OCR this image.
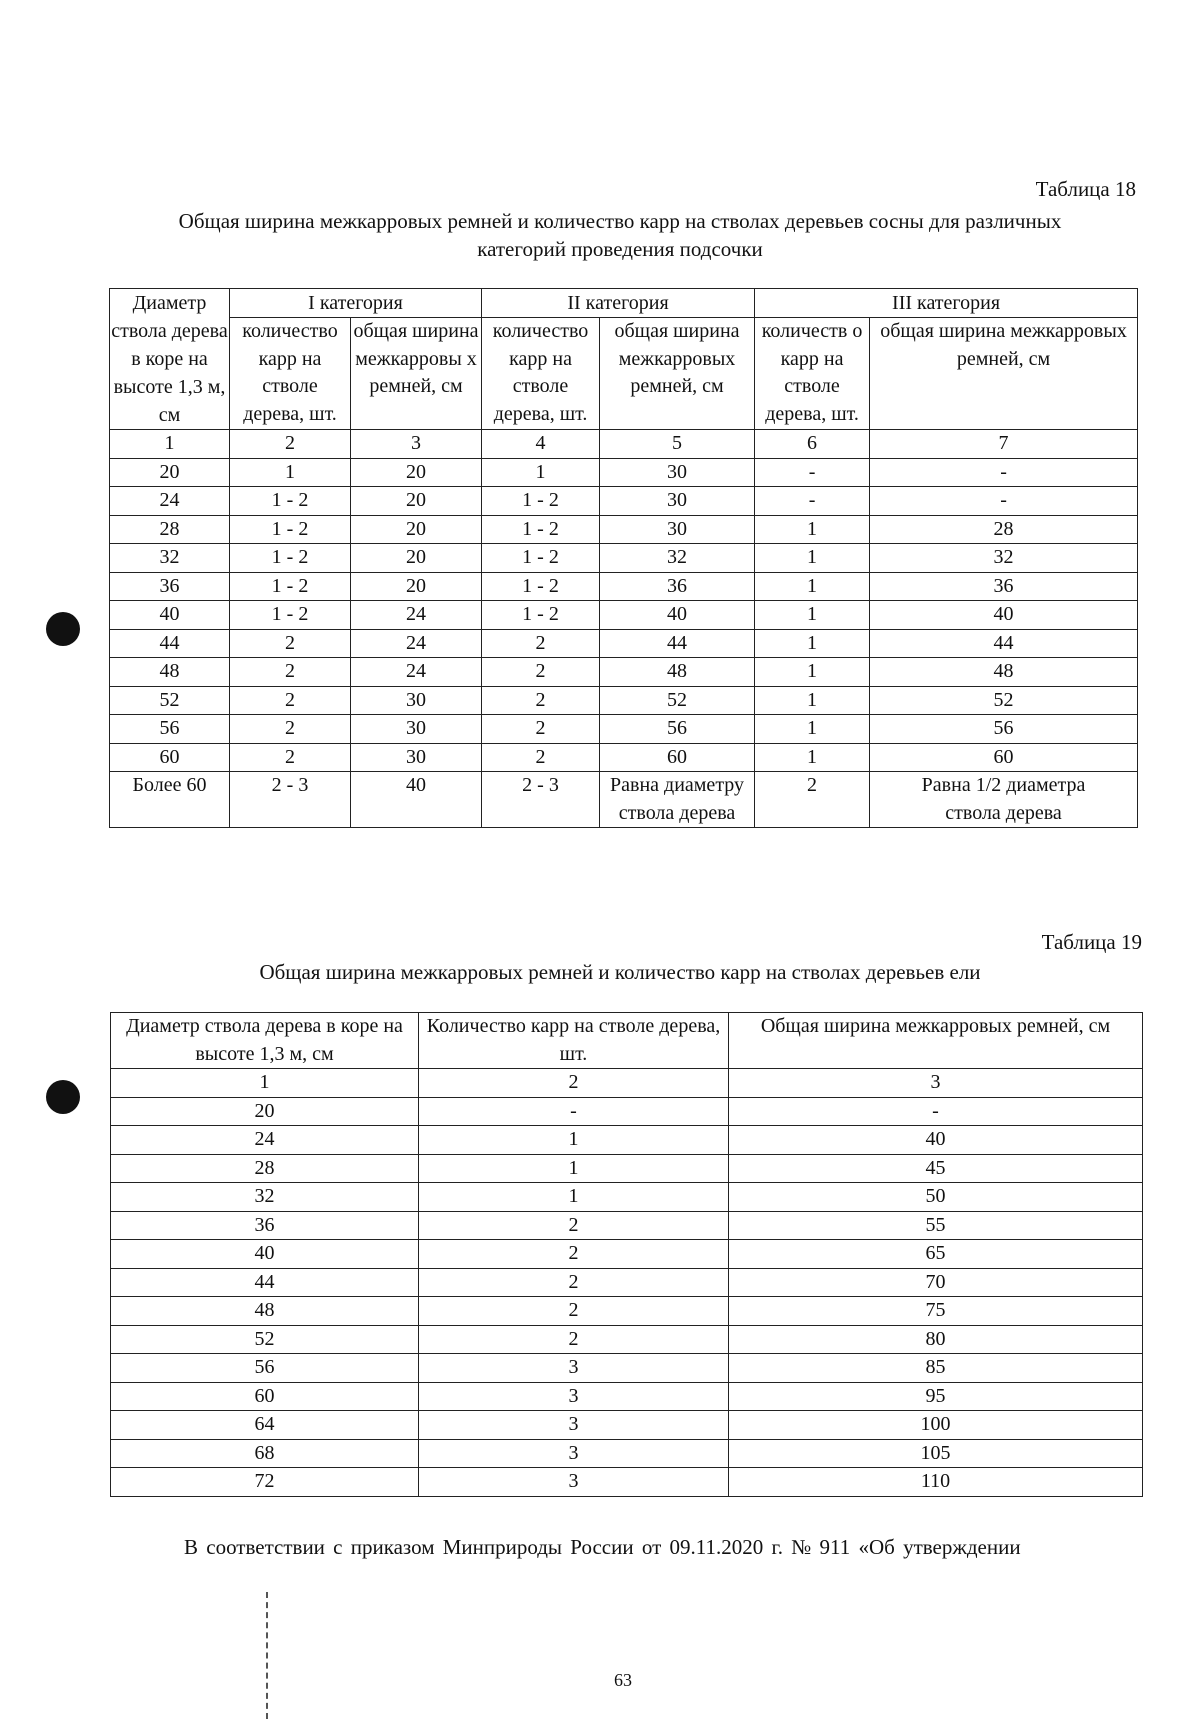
Таблица 18
Общая ширина межкарровых ремней и количество карр на стволах деревьев сосны для различных
категорий проведения подсочки
Диаметр ствола дерева в коре на высоте 1,3 м, см	I категория		II категория		III категория	
	количество карр на стволе дерева, шт.	общая ширина межкарровы х ремней, см	количество карр на стволе дерева, шт.	общая ширина межкарровых ремней, см	количеств о карр на стволе дерева, шт.	общая ширина межкарровых ремней, см
1	2	3	4	5	6	7
20	1	20	1	30	-	-
24	1 - 2	20	1 - 2	30	-	-
28	1 - 2	20	1 - 2	30	1	28
32	1 - 2	20	1 - 2	32	1	32
36	1 - 2	20	1 - 2	36	1	36
40	1 - 2	24	1 - 2	40	1	40
44	2	24	2	44	1	44
48	2	24	2	48	1	48
52	2	30	2	52	1	52
56	2	30	2	56	1	56
60	2	30	2	60	1	60
Более 60	2 - 3	40	2 - 3	Равна диаметру ствола дерева	2	Равна 1/2 диаметра ствола дерева
Таблица 19
Общая ширина межкарровых ремней и количество карр на стволах деревьев ели
Диаметр ствола дерева в коре на высоте 1,3 м, см	Количество карр на стволе дерева, шт.	Общая ширина межкарровых ремней, см
1	2	3
20	-	-
24	1	40
28	1	45
32	1	50
36	2	55
40	2	65
44	2	70
48	2	75
52	2	80
56	3	85
60	3	95
64	3	100
68	3	105
72	3	110
В соответствии с приказом Минприроды России от 09.11.2020 г. № 911 «Об утверждении
63
